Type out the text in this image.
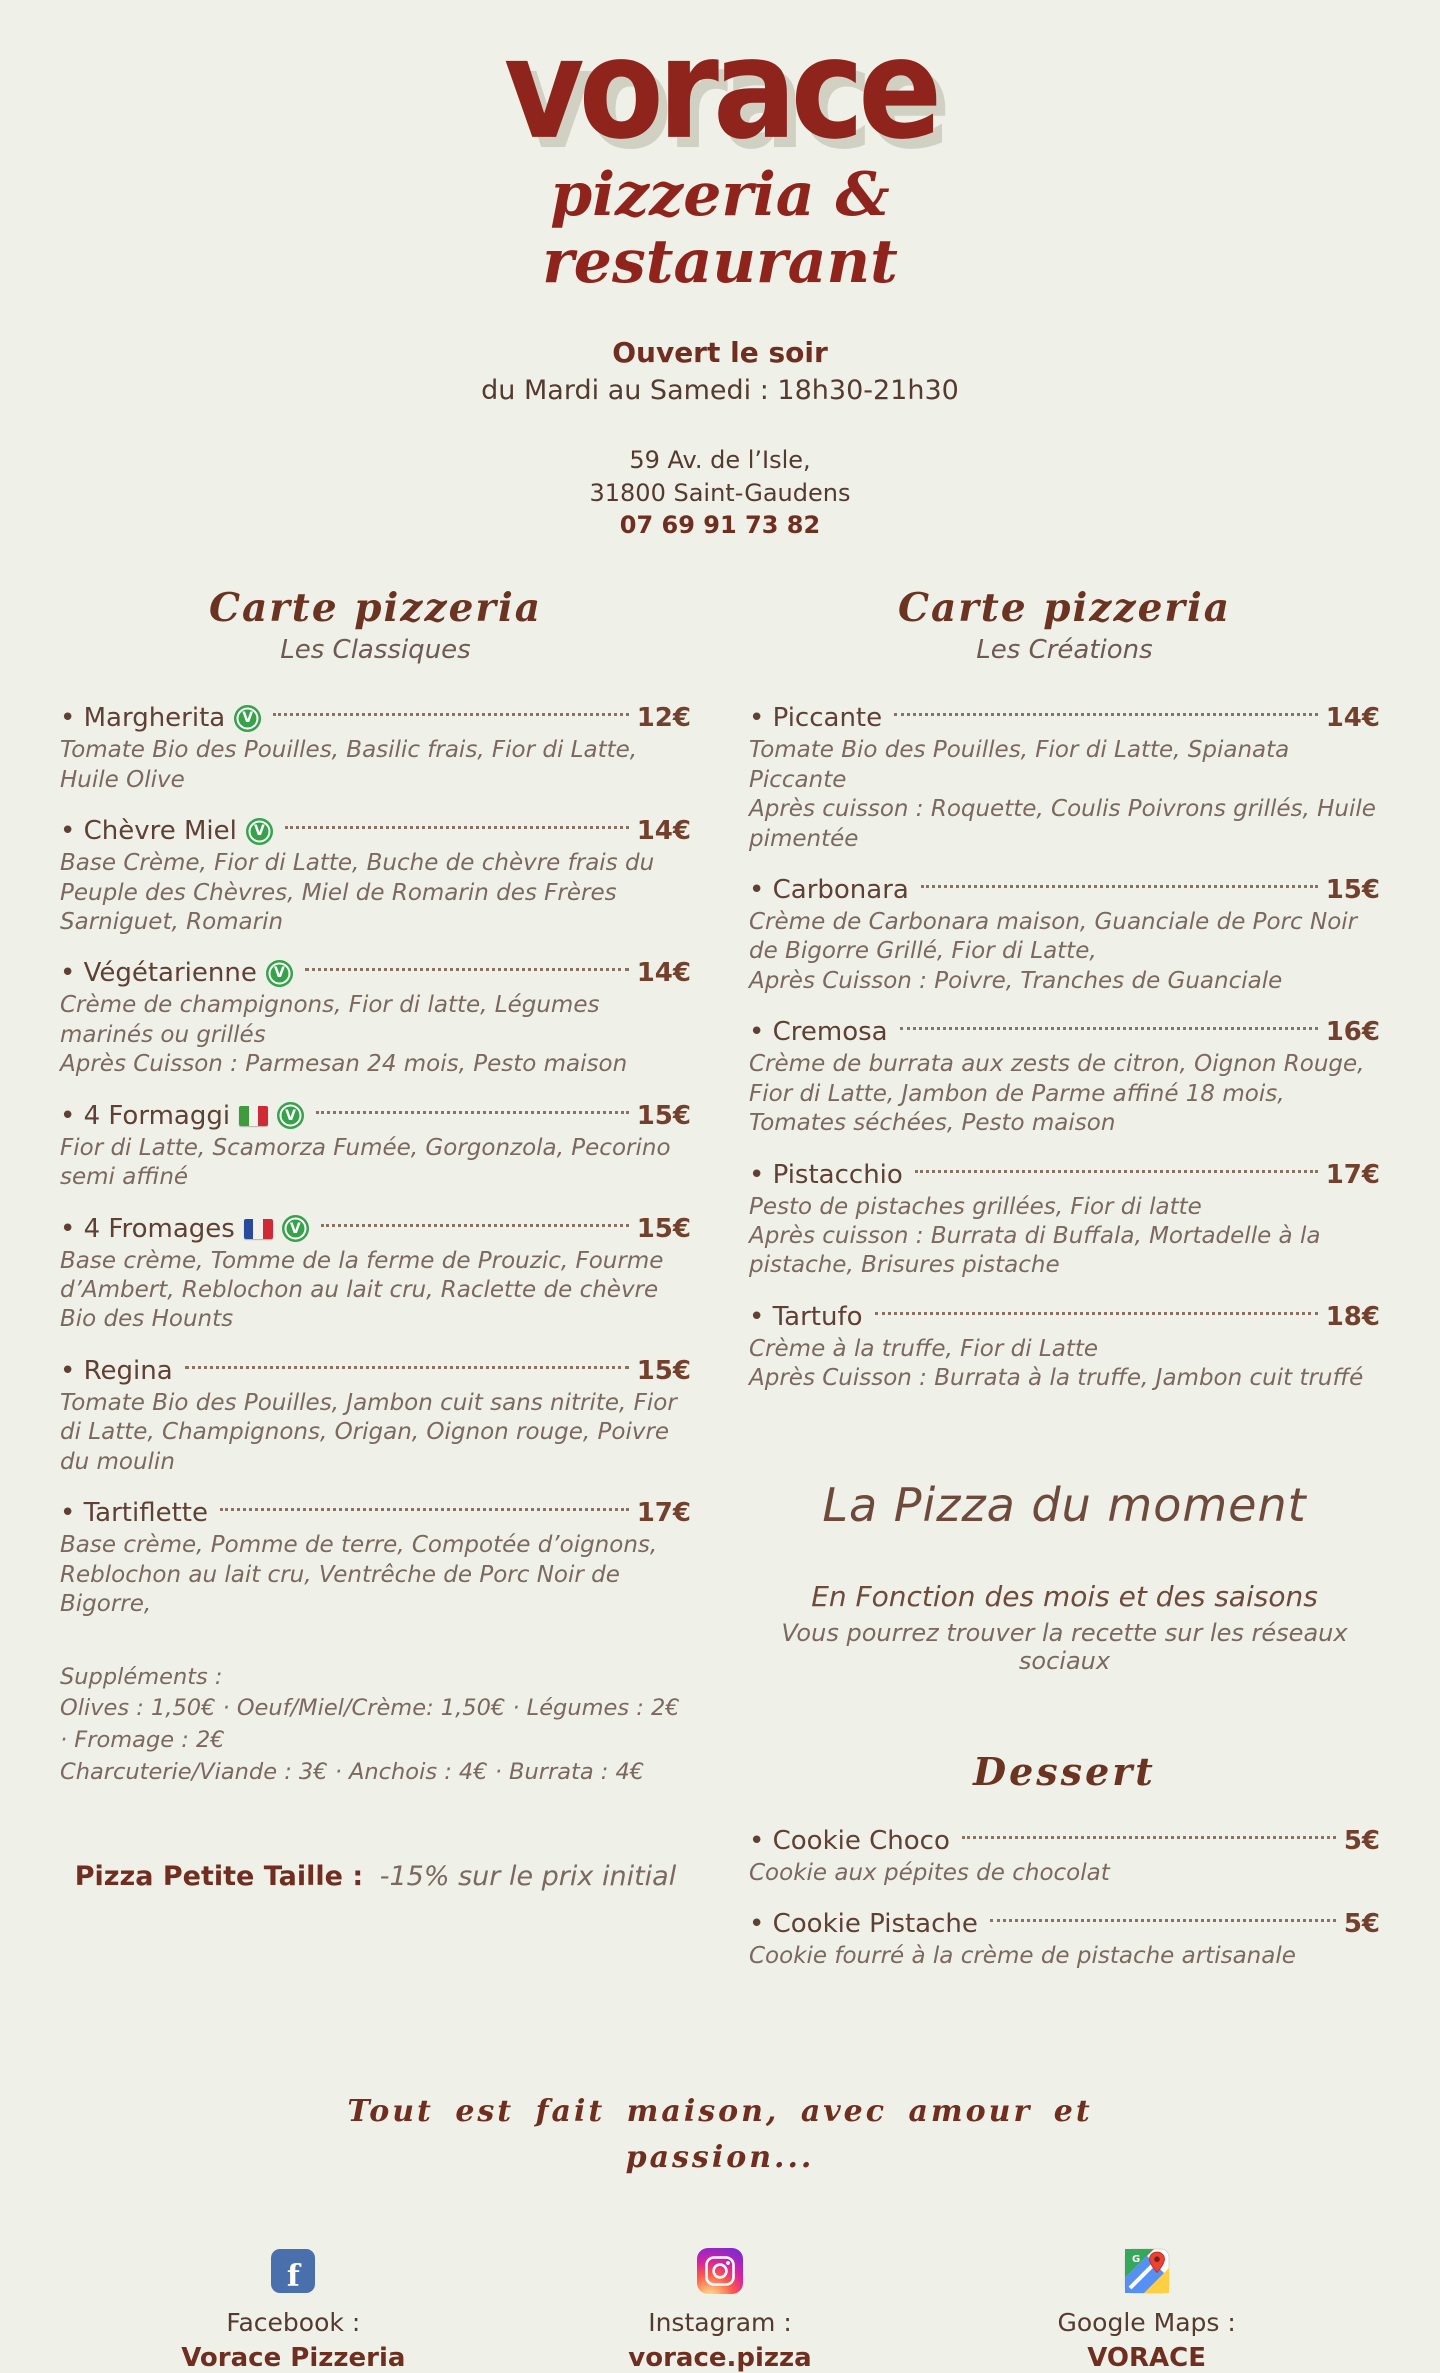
vorace
pizzeria &
restaurant
Ouvert le soir
du Mardi au Samedi : 18h30-21h30
59 Av. de l’Isle,
31800 Saint-Gaudens
07 69 91 73 82
Carte pizzeria
Les Classiques
• Margherita	V	12€
Tomate Bio des Pouilles, Basilic frais, Fior di Latte, Huile Olive
• Chèvre Miel	V	14€
Base Crème, Fior di Latte, Buche de chèvre frais du Peuple des Chèvres, Miel de Romarin des Frères Sarniguet, Romarin
• Végétarienne	V	14€
Crème de champignons, Fior di latte, Légumes marinés ou grillés
Après Cuisson : Parmesan 24 mois, Pesto maison
• 4 Formaggi	V	15€
Fior di Latte, Scamorza Fumée, Gorgonzola, Pecorino semi affiné
• 4 Fromages	V	15€
Base crème, Tomme de la ferme de Prouzic, Fourme d’Ambert, Reblochon au lait cru, Raclette de chèvre Bio des Hounts
• Regina	15€
Tomate Bio des Pouilles, Jambon cuit sans nitrite, Fior di Latte, Champignons, Origan, Oignon rouge, Poivre du moulin
• Tartiflette	17€
Base crème, Pomme de terre, Compotée d’oignons, Reblochon au lait cru, Ventrêche de Porc Noir de Bigorre,
Suppléments :
Olives : 1,50€ · Oeuf/Miel/Crème: 1,50€ · Légumes : 2€ · Fromage : 2€
Charcuterie/Viande : 3€ · Anchois : 4€ · Burrata : 4€
Pizza Petite Taille : -15% sur le prix initial
Carte pizzeria
Les Créations
• Piccante	14€
Tomate Bio des Pouilles, Fior di Latte, Spianata Piccante
Après cuisson : Roquette, Coulis Poivrons grillés, Huile pimentée
• Carbonara	15€
Crème de Carbonara maison, Guanciale de Porc Noir de Bigorre Grillé, Fior di Latte,
Après Cuisson : Poivre, Tranches de Guanciale
• Cremosa	16€
Crème de burrata aux zests de citron, Oignon Rouge, Fior di Latte, Jambon de Parme affiné 18 mois, Tomates séchées, Pesto maison
• Pistacchio	17€
Pesto de pistaches grillées, Fior di latte
Après cuisson : Burrata di Buffala, Mortadelle à la pistache, Brisures pistache
• Tartufo	18€
Crème à la truffe, Fior di Latte
Après Cuisson : Burrata à la truffe, Jambon cuit truffé
La Pizza du moment
En Fonction des mois et des saisons
Vous pourrez trouver la recette sur les réseaux sociaux
Dessert
• Cookie Choco	5€
Cookie aux pépites de chocolat
• Cookie Pistache	5€
Cookie fourré à la crème de pistache artisanale
Tout est fait maison, avec amour et
passion...
f
Facebook :
Vorace Pizzeria
Instagram :
vorace.pizza
G
Google Maps :
VORACE
